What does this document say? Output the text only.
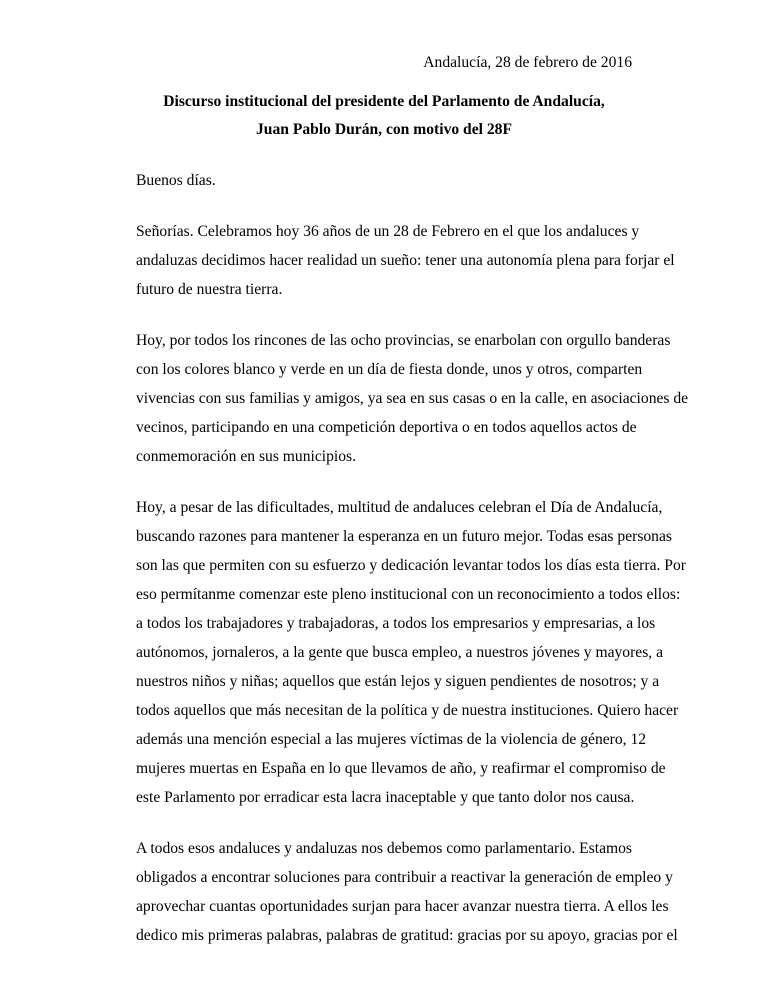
Andalucía, 28 de febrero de 2016
Discurso institucional del presidente del Parlamento de Andalucía,
Juan Pablo Durán, con motivo del 28F
Buenos días.
Señorías. Celebramos hoy 36 años de un 28 de Febrero en el que los andaluces y
andaluzas decidimos hacer realidad un sueño: tener una autonomía plena para forjar el
futuro de nuestra tierra.
Hoy, por todos los rincones de las ocho provincias, se enarbolan con orgullo banderas
con los colores blanco y verde en un día de fiesta donde, unos y otros, comparten
vivencias con sus familias y amigos, ya sea en sus casas o en la calle, en asociaciones de
vecinos, participando en una competición deportiva o en todos aquellos actos de
conmemoración en sus municipios.
Hoy, a pesar de las dificultades, multitud de andaluces celebran el Día de Andalucía,
buscando razones para mantener la esperanza en un futuro mejor. Todas esas personas
son las que permiten con su esfuerzo y dedicación levantar todos los días esta tierra. Por
eso permítanme comenzar este pleno institucional con un reconocimiento a todos ellos:
a todos los trabajadores y trabajadoras, a todos los empresarios y empresarias, a los
autónomos, jornaleros, a la gente que busca empleo, a nuestros jóvenes y mayores, a
nuestros niños y niñas; aquellos que están lejos y siguen pendientes de nosotros; y a
todos aquellos que más necesitan de la política y de nuestra instituciones. Quiero hacer
además una mención especial a las mujeres víctimas de la violencia de género, 12
mujeres muertas en España en lo que llevamos de año, y reafirmar el compromiso de
este Parlamento por erradicar esta lacra inaceptable y que tanto dolor nos causa.
A todos esos andaluces y andaluzas nos debemos como parlamentario. Estamos
obligados a encontrar soluciones para contribuir a reactivar la generación de empleo y
aprovechar cuantas oportunidades surjan para hacer avanzar nuestra tierra. A ellos les
dedico mis primeras palabras, palabras de gratitud: gracias por su apoyo, gracias por el
